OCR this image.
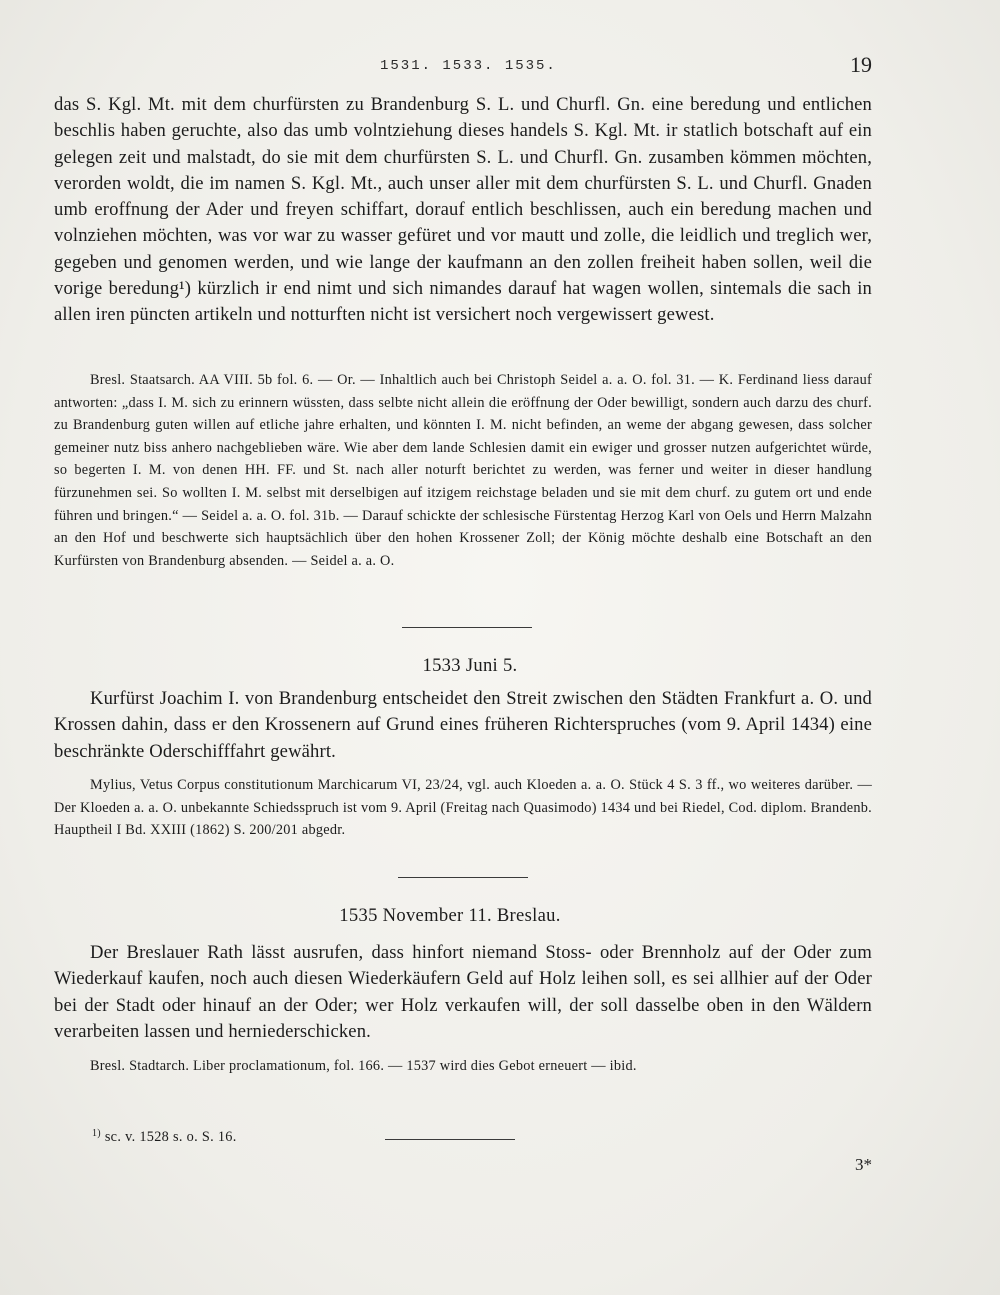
1531. 1533. 1535.	19
das S. Kgl. Mt. mit dem churfürsten zu Brandenburg S. L. und Churfl. Gn. eine beredung und entlichen beschlis haben geruchte, also das umb volntziehung dieses handels S. Kgl. Mt. ir statlich botschaft auf ein gelegen zeit und malstadt, do sie mit dem churfürsten S. L. und Churfl. Gn. zusamben kömmen möchten, verorden woldt, die im namen S. Kgl. Mt., auch unser aller mit dem churfürsten S. L. und Churfl. Gnaden umb eroffnung der Ader und freyen schiffart, dorauf entlich beschlissen, auch ein beredung machen und volnziehen möchten, was vor war zu wasser gefüret und vor mautt und zolle, die leidlich und treglich wer, gegeben und genomen werden, und wie lange der kaufmann an den zollen freiheit haben sollen, weil die vorige beredung¹) kürzlich ir end nimt und sich nimandes darauf hat wagen wollen, sintemals die sach in allen iren püncten artikeln und notturften nicht ist versichert noch vergewissert gewest.
Bresl. Staatsarch. AA VIII. 5b fol. 6. — Or. — Inhaltlich auch bei Christoph Seidel a. a. O. fol. 31. — K. Ferdinand liess darauf antworten: „dass I. M. sich zu erinnern wüssten, dass selbte nicht allein die eröffnung der Oder bewilligt, sondern auch darzu des churf. zu Brandenburg guten willen auf etliche jahre erhalten, und könnten I. M. nicht befinden, an weme der abgang gewesen, dass solcher gemeiner nutz biss anhero nachgeblieben wäre. Wie aber dem lande Schlesien damit ein ewiger und grosser nutzen aufgerichtet würde, so begerten I. M. von denen HH. FF. und St. nach aller noturft berichtet zu werden, was ferner und weiter in dieser handlung fürzunehmen sei. So wollten I. M. selbst mit derselbigen auf itzigem reichstage beladen und sie mit dem churf. zu gutem ort und ende führen und bringen.“ — Seidel a. a. O. fol. 31b. — Darauf schickte der schlesische Fürstentag Herzog Karl von Oels und Herrn Malzahn an den Hof und beschwerte sich hauptsächlich über den hohen Krossener Zoll; der König möchte deshalb eine Botschaft an den Kurfürsten von Brandenburg absenden. — Seidel a. a. O.
1533 Juni 5.
Kurfürst Joachim I. von Brandenburg entscheidet den Streit zwischen den Städten Frankfurt a. O. und Krossen dahin, dass er den Krossenern auf Grund eines früheren Richterspruches (vom 9. April 1434) eine beschränkte Oderschifffahrt gewährt.
Mylius, Vetus Corpus constitutionum Marchicarum VI, 23/24, vgl. auch Kloeden a. a. O. Stück 4 S. 3 ff., wo weiteres darüber. — Der Kloeden a. a. O. unbekannte Schiedsspruch ist vom 9. April (Freitag nach Quasimodo) 1434 und bei Riedel, Cod. diplom. Brandenb. Hauptheil I Bd. XXIII (1862) S. 200/201 abgedr.
1535 November 11. Breslau.
Der Breslauer Rath lässt ausrufen, dass hinfort niemand Stoss- oder Brennholz auf der Oder zum Wiederkauf kaufen, noch auch diesen Wiederkäufern Geld auf Holz leihen soll, es sei allhier auf der Oder bei der Stadt oder hinauf an der Oder; wer Holz verkaufen will, der soll dasselbe oben in den Wäldern verarbeiten lassen und herniederschicken.
Bresl. Stadtarch. Liber proclamationum, fol. 166. — 1537 wird dies Gebot erneuert — ibid.
$^{1)}$ sc. v. 1528 s. o. S. 16.
3*
